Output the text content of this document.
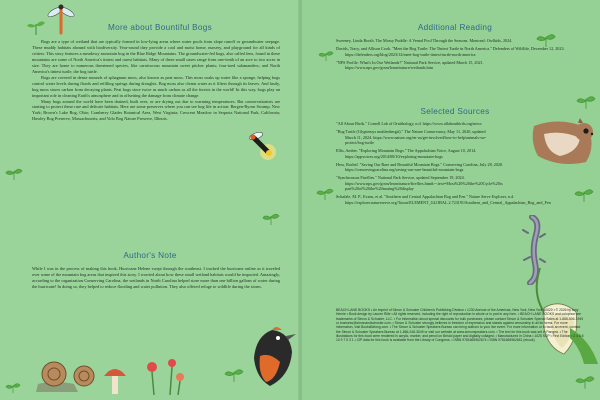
More about Bountiful Bogs

Bogs are a type of wetland that are typically formed in low-lying areas where water pools from slope runoff or groundwater seepage. These muddy habitats abound with biodiversity. Year-round they provide a cool and moist home, nursery, and playground for all kinds of critters. This story features a meadowy mountain bog in the Blue Ridge Mountains. The groundwater-fed bogs, also called fens, found in these mountains are some of North America's tiniest and rarest habitats. Many of these small oases range from one-tenth of an acre to two acres in size. They are home to numerous threatened species, like carnivorous mountain sweet pitcher plants; four-toed salamanders; and North America's tiniest turtle, the bog turtle.

Bogs are covered in dense mounds of sphagnum moss, also known as peat moss. This moss soaks up water like a sponge, helping bogs control water levels during floods and refilling springs during droughts. Bog moss also cleans water as it filters through its leaves. And lastly, bog moss stores carbon from decaying plants. Peat bogs store twice as much carbon as all the forests in the world! In this way, bogs play an important role in cleaning Earth's atmosphere and in offsetting the damage from climate change.

Many bogs around the world have been drained, built over, or are drying out due to warming temperatures. But conservationists are starting to protect these rare and delicate habitats. Here are some preserves where you can see bog life in action: Bergen-Byron Swamp, New York; Brown's Lake Bog, Ohio; Cranberry Glades Botanical Area, West Virginia; Crescent Meadow in Sequoia National Park, California; Hawley Bog Preserve, Massachusetts; and Volo Bog Nature Preserve, Illinois.

Author's Note

While I was in the process of making this book, Hurricane Helene swept through the southeast. I tracked the hurricane online as it traveled over some of the mountain bog areas that inspired this story. I worried about how these small wetland habitats would be impacted. Amazingly, according to the organization Conserving Carolina, the wetlands in North Carolina helped store more than one billion gallons of water during the hurricane! In doing so, they helped to reduce flooding and water pollution. They also offered refuge to wildlife during the storm.

Additional Reading

Sweeney, Linda Booth. The Mossy Puddle: A Vernal Pool Through the Seasons. Montreal: Owlkids, 2024.

Davids, Tracy, and Allison Cook. "Meet the Bog Turtle: The Tiniest Turtle in North America." Defenders of Wildlife, December 12, 2023. https://defenders.org/blog/2023/12/meet-bog-turtle-tiniest-turtle-north-america

"NPS Profile: What's In Our Wetlands?" National Park Service, updated March 15, 2021. https://www.nps.gov/grsm/learn/nature/wetlands.htm

Selected Sources

"All About Birds." Cornell Lab of Ornithology, n.d. https://www.allaboutbirds.org/news

"Bog Turtle (Glyptemys muhlenbergii)." The Nature Conservancy, May 11, 2020, updated March 11, 2024. https://www.nature.org/en-us/get-involved/how-to-help/animals-we-protect/bog-turtle

Ellis, Amber. "Exploring Mountain Bogs." The Appalachian Voice, August 10, 2014. https://appvoices.org/2014/08/10/exploring-mountain-bogs

Hess, Rachel. "Saving Our Rare and Beautiful Mountain Bogs." Conserving Carolina, July 28, 2020. https://conservingcarolina.org/saving-our-rare-beautiful-mountain-bogs

"Synchronous Fireflies." National Park Service, updated September 19, 2024. https://www.nps.gov/grsm/learn/nature/fireflies.htm#:~:text=Most%20%20the%20Cycle%20is part%20of%20the%20mating%20display

Schafale, M. P., Evans, et al. "Southern and Central Appalachian Bog and Fen." Nature Serve Explorer, n.d. https://explorer.natureserve.org/Taxon/ELEMENT_GLOBAL.2.723191/Southern_and_Central_Appalachian_Bog_and_Fen

BEACH LANE BOOKS • An imprint of Simon & Schuster Children's Publishing Division • 1230 Avenue of the Americas, New York, New York 10020 • © 2026 by Amy Henrie • Book design by Lauren Rille • All rights reserved, including the right of reproduction in whole or in part in any form. • BEACH LANE BOOKS and colophon are trademarks of Simon & Schuster, LLC. • For information about special discounts for bulk purchases, please contact Simon & Schuster Special Sales at 1-866-506-1949 or business@simonandschuster.com. • Simon & Schuster strongly believes in freedom of expression and stands against censorship in all its forms. For more information, visit BooksBelong.com. • The Simon & Schuster Speakers Bureau can bring authors to your live event. For more information or to book an event, contact the Simon & Schuster Speakers Bureau at 1-866-248-3049 or visit our website at www.simonspeakers.com. • The text for this book was set in Pangea. • The illustrations for this book were rendered in acrylic, marker, and pencil on Bristol paper and digitally collaged. • Manufactured in China • 1025 SCP • First Edition • 2 4 6 8 10 9 7 5 3 1 • CIP data for this book is available from the Library of Congress. • ISBN 9781665962674 • ISBN 9781665962681 (ebook)
